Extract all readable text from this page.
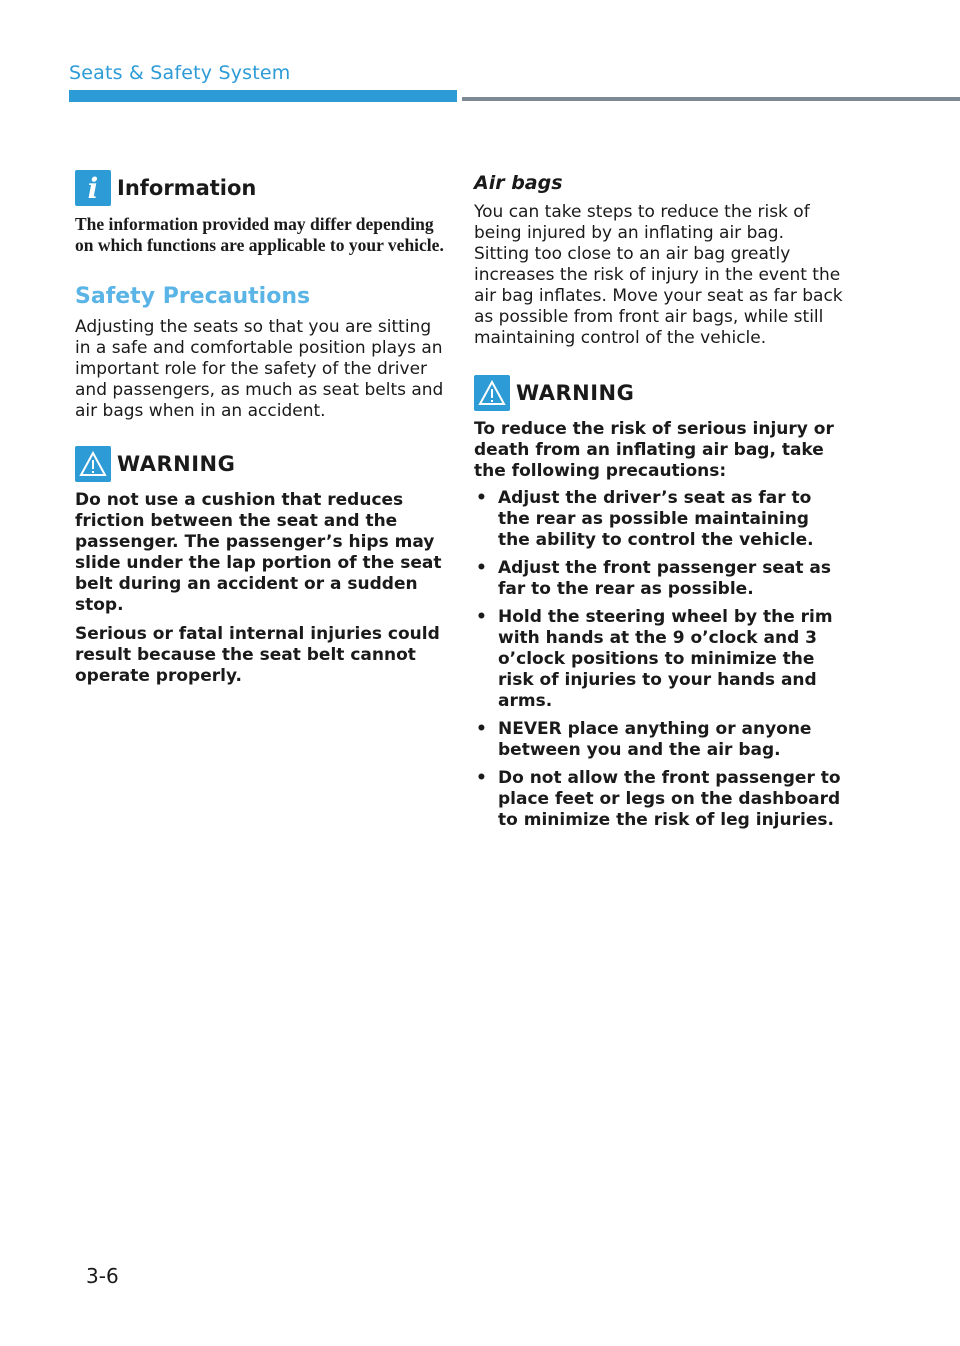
Seats & Safety System
i Information
The information provided may differ depending on which functions are applicable to your vehicle.
Safety Precautions
Adjusting the seats so that you are sitting in a safe and comfortable position plays an important role for the safety of the driver and passengers, as much as seat belts and air bags when in an accident.
WARNING

Do not use a cushion that reduces friction between the seat and the passenger. The passenger’s hips may slide under the lap portion of the seat belt during an accident or a sudden stop.

Serious or fatal internal injuries could result because the seat belt cannot operate properly.

Air bags
You can take steps to reduce the risk of being injured by an inflating air bag. Sitting too close to an air bag greatly increases the risk of injury in the event the air bag inflates. Move your seat as far back as possible from front air bags, while still maintaining control of the vehicle.
WARNING
To reduce the risk of serious injury or death from an inflating air bag, take the following precautions:
• Adjust the driver’s seat as far to the rear as possible maintaining the ability to control the vehicle.
• Adjust the front passenger seat as far to the rear as possible.
• Hold the steering wheel by the rim with hands at the 9 o’clock and 3 o’clock positions to minimize the risk of injuries to your hands and arms.
• NEVER place anything or anyone between you and the air bag.
• Do not allow the front passenger to place feet or legs on the dashboard to minimize the risk of leg injuries.
3-6
